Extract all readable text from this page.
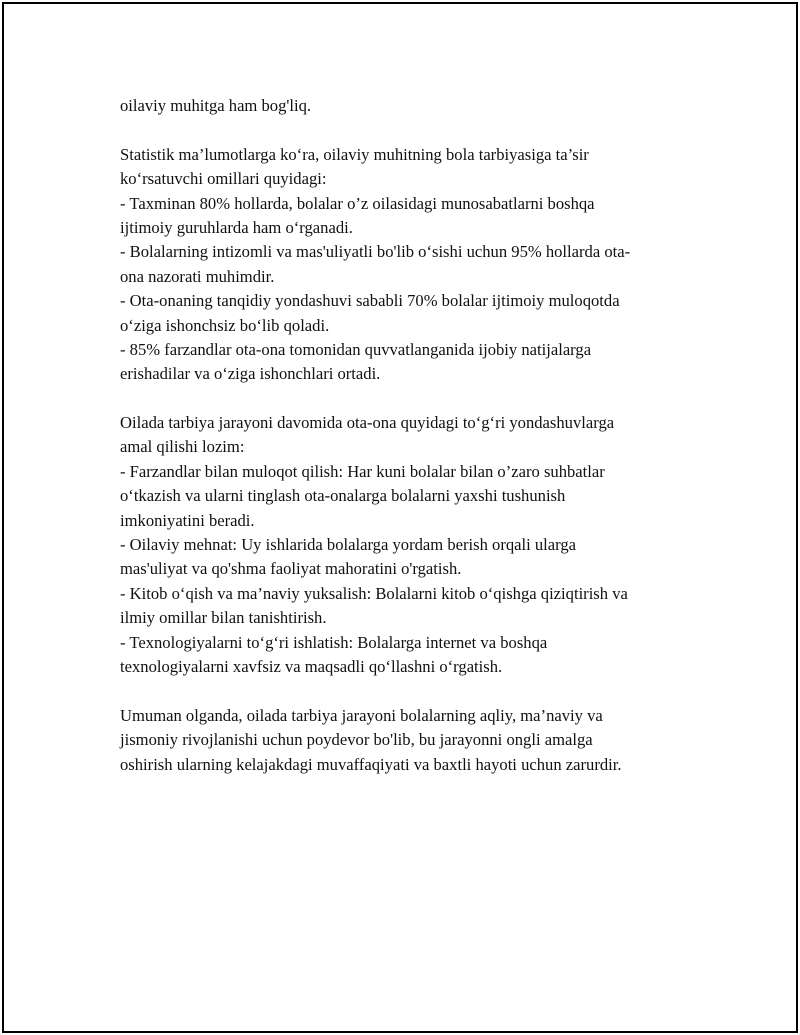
oilaviy muhitga ham bog'liq.
Statistik ma’lumotlarga ko‘ra, oilaviy muhitning bola tarbiyasiga ta’sir
ko‘rsatuvchi omillari quyidagi:
- Taxminan 80% hollarda, bolalar o’z oilasidagi munosabatlarni boshqa
ijtimoiy guruhlarda ham o‘rganadi.
- Bolalarning intizomli va mas'uliyatli bo'lib o‘sishi uchun 95% hollarda ota-
ona nazorati muhimdir.
- Ota-onaning tanqidiy yondashuvi sababli 70% bolalar ijtimoiy muloqotda
o‘ziga ishonchsiz bo‘lib qoladi.
- 85% farzandlar ota-ona tomonidan quvvatlanganida ijobiy natijalarga
erishadilar va o‘ziga ishonchlari ortadi.
Oilada tarbiya jarayoni davomida ota-ona quyidagi to‘g‘ri yondashuvlarga
amal qilishi lozim:
- Farzandlar bilan muloqot qilish: Har kuni bolalar bilan o’zaro suhbatlar
o‘tkazish va ularni tinglash ota-onalarga bolalarni yaxshi tushunish
imkoniyatini beradi.
- Oilaviy mehnat: Uy ishlarida bolalarga yordam berish orqali ularga
mas'uliyat va qo'shma faoliyat mahoratini o'rgatish.
- Kitob o‘qish va ma’naviy yuksalish: Bolalarni kitob o‘qishga qiziqtirish va
ilmiy omillar bilan tanishtirish.
- Texnologiyalarni to‘g‘ri ishlatish: Bolalarga internet va boshqa
texnologiyalarni xavfsiz va maqsadli qo‘llashni o‘rgatish.
Umuman olganda, oilada tarbiya jarayoni bolalarning aqliy, ma’naviy va
jismoniy rivojlanishi uchun poydevor bo'lib, bu jarayonni ongli amalga
oshirish ularning kelajakdagi muvaffaqiyati va baxtli hayoti uchun zarurdir.
